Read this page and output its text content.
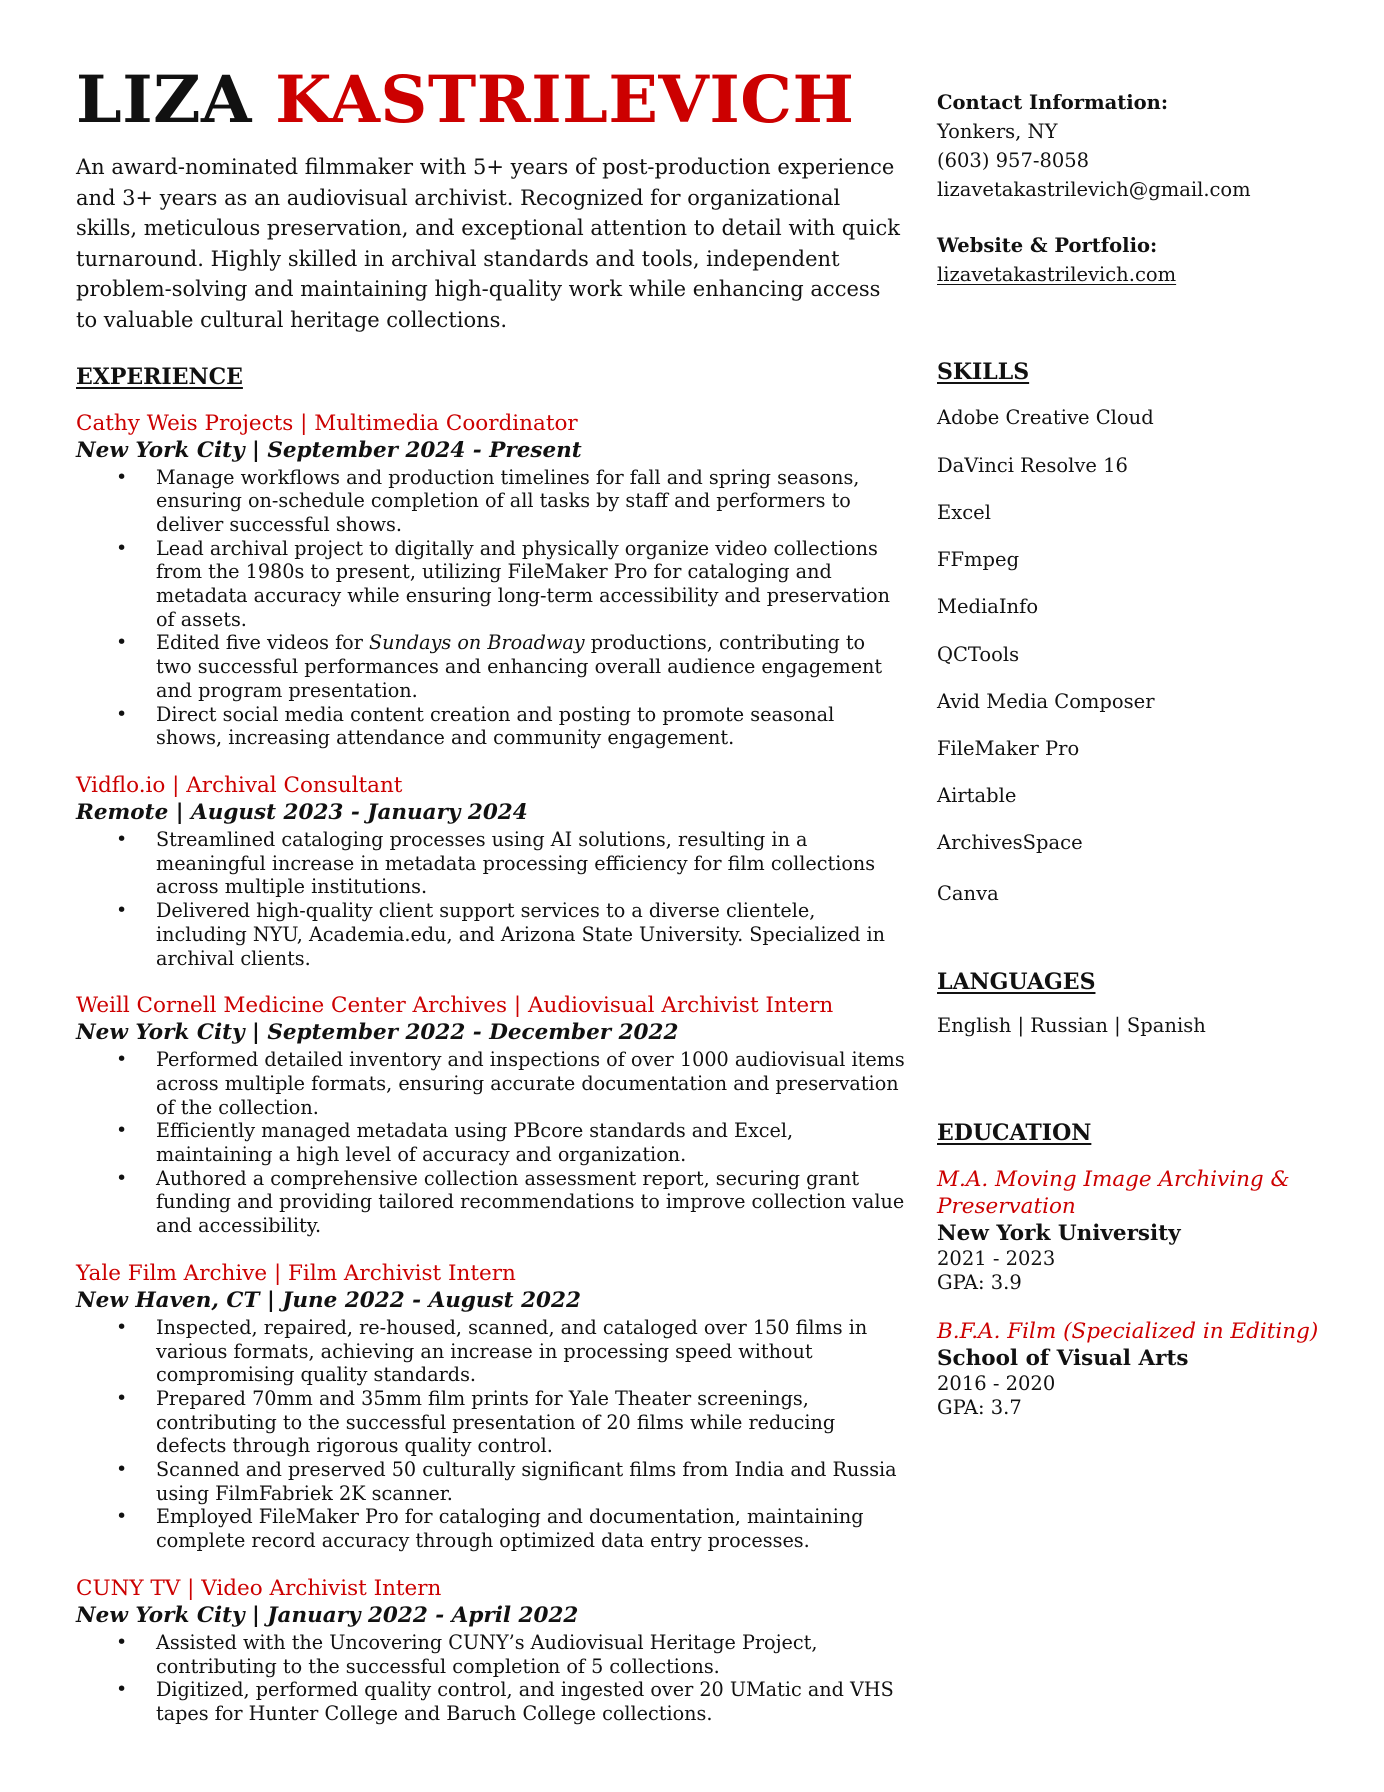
LIZA KASTRILEVICH

An award-nominated filmmaker with 5+ years of post-production experience and 3+ years as an audiovisual archivist. Recognized for organizational skills, meticulous preservation, and exceptional attention to detail with quick turnaround. Highly skilled in archival standards and tools, independent problem-solving and maintaining high-quality work while enhancing access to valuable cultural heritage collections.

EXPERIENCE
Cathy Weis Projects | Multimedia Coordinator
New York City | September 2024 - Present
• Manage workflows and production timelines for fall and spring seasons, ensuring on-schedule completion of all tasks by staff and performers to deliver successful shows.
• Lead archival project to digitally and physically organize video collections from the 1980s to present, utilizing FileMaker Pro for cataloging and metadata accuracy while ensuring long-term accessibility and preservation of assets.
• Edited five videos for Sundays on Broadway productions, contributing to two successful performances and enhancing overall audience engagement and program presentation.
• Direct social media content creation and posting to promote seasonal shows, increasing attendance and community engagement.
Vidflo.io | Archival Consultant
Remote | August 2023 - January 2024
• Streamlined cataloging processes using AI solutions, resulting in a meaningful increase in metadata processing efficiency for film collections across multiple institutions.
• Delivered high-quality client support services to a diverse clientele, including NYU, Academia.edu, and Arizona State University. Specialized in archival clients.
Weill Cornell Medicine Center Archives | Audiovisual Archivist Intern
New York City | September 2022 - December 2022
• Performed detailed inventory and inspections of over 1000 audiovisual items across multiple formats, ensuring accurate documentation and preservation of the collection.
• Efficiently managed metadata using PBcore standards and Excel, maintaining a high level of accuracy and organization.
• Authored a comprehensive collection assessment report, securing grant funding and providing tailored recommendations to improve collection value and accessibility.
Yale Film Archive | Film Archivist Intern
New Haven, CT | June 2022 - August 2022
• Inspected, repaired, re-housed, scanned, and cataloged over 150 films in various formats, achieving an increase in processing speed without compromising quality standards.
• Prepared 70mm and 35mm film prints for Yale Theater screenings, contributing to the successful presentation of 20 films while reducing defects through rigorous quality control.
• Scanned and preserved 50 culturally significant films from India and Russia using FilmFabriek 2K scanner.
• Employed FileMaker Pro for cataloging and documentation, maintaining complete record accuracy through optimized data entry processes.
CUNY TV | Video Archivist Intern
New York City | January 2022 - April 2022
• Assisted with the Uncovering CUNY’s Audiovisual Heritage Project, contributing to the successful completion of 5 collections.
• Digitized, performed quality control, and ingested over 20 UMatic and VHS tapes for Hunter College and Baruch College collections.
Contact Information:
Yonkers, NY
(603) 957-8058
lizavetakastrilevich@gmail.com
Website & Portfolio:
lizavetakastrilevich.com
SKILLS
Adobe Creative Cloud
DaVinci Resolve 16
Excel
FFmpeg
MediaInfo
QCTools
Avid Media Composer
FileMaker Pro
Airtable
ArchivesSpace
Canva
LANGUAGES
English | Russian | Spanish
EDUCATION
M.A. Moving Image Archiving & Preservation
New York University
2021 - 2023
GPA: 3.9
B.F.A. Film (Specialized in Editing)
School of Visual Arts
2016 - 2020
GPA: 3.7
